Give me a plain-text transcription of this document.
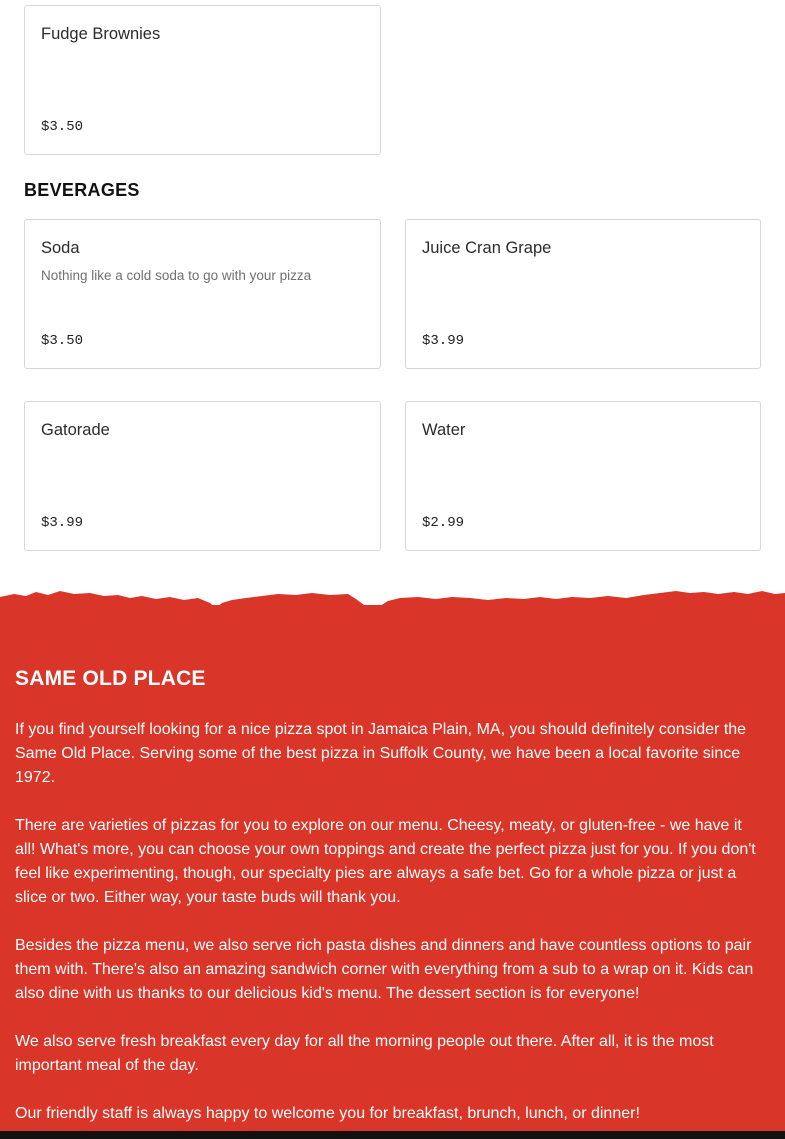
Fudge Brownies
$3.50
BEVERAGES
Soda
Nothing like a cold soda to go with your pizza
$3.50
Juice Cran Grape
$3.99
Gatorade
$3.99
Water
$2.99
SAME OLD PLACE

If you find yourself looking for a nice pizza spot in Jamaica Plain, MA, you should definitely consider the Same Old Place. Serving some of the best pizza in Suffolk County, we have been a local favorite since 1972.

There are varieties of pizzas for you to explore on our menu. Cheesy, meaty, or gluten-free - we have it all! What's more, you can choose your own toppings and create the perfect pizza just for you. If you don't feel like experimenting, though, our specialty pies are always a safe bet. Go for a whole pizza or just a slice or two. Either way, your taste buds will thank you.

Besides the pizza menu, we also serve rich pasta dishes and dinners and have countless options to pair them with. There's also an amazing sandwich corner with everything from a sub to a wrap on it. Kids can also dine with us thanks to our delicious kid's menu. The dessert section is for everyone!

We also serve fresh breakfast every day for all the morning people out there. After all, it is the most important meal of the day.

Our friendly staff is always happy to welcome you for breakfast, brunch, lunch, or dinner!
